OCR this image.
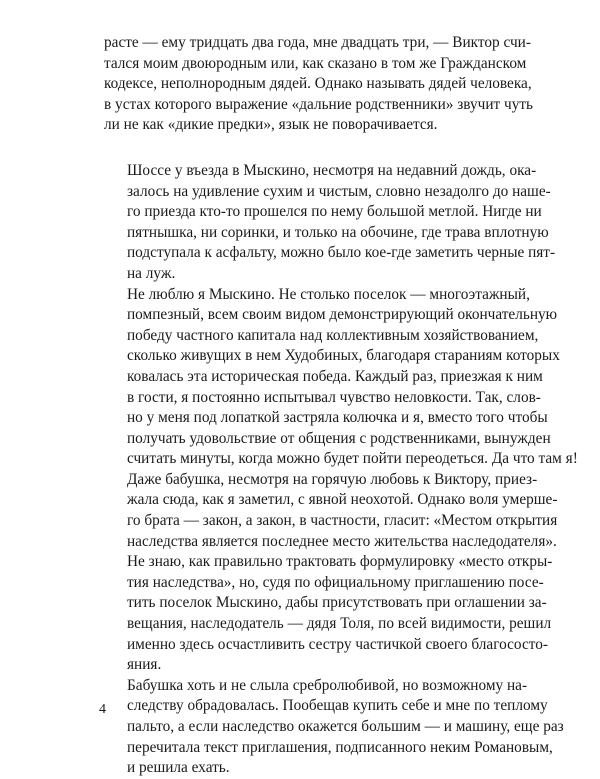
расте — ему тридцать два года, мне двадцать три, — Виктор счи-
тался моим двоюродным или, как сказано в том же Гражданском
кодексе, неполнородным дядей. Однако называть дядей человека,
в устах которого выражение «дальние родственники» звучит чуть
ли не как «дикие предки», язык не поворачивается.

Шоссе у въезда в Мыскино, несмотря на недавний дождь, ока-
залось на удивление сухим и чистым, словно незадолго до наше-
го приезда кто-то прошелся по нему большой метлой. Нигде ни
пятнышка, ни соринки, и только на обочине, где трава вплотную
подступала к асфальту, можно было кое-где заметить черные пят-
на луж.

Не люблю я Мыскино. Не столько поселок — многоэтажный,
помпезный, всем своим видом демонстрирующий окончательную
победу частного капитала над коллективным хозяйствованием,
сколько живущих в нем Худобиных, благодаря стараниям которых
ковалась эта историческая победа. Каждый раз, приезжая к ним
в гости, я постоянно испытывал чувство неловкости. Так, слов-
но у меня под лопаткой застряла колючка и я, вместо того чтобы
получать удовольствие от общения с родственниками, вынужден
считать минуты, когда можно будет пойти переодеться. Да что там я!
Даже бабушка, несмотря на горячую любовь к Виктору, приез-
жала сюда, как я заметил, с явной неохотой. Однако воля умерше-
го брата — закон, а закон, в частности, гласит: «Местом открытия
наследства является последнее место жительства наследодателя».
Не знаю, как правильно трактовать формулировку «место откры-
тия наследства», но, судя по официальному приглашению посе-
тить поселок Мыскино, дабы присутствовать при оглашении за-
вещания, наследодатель — дядя Толя, по всей видимости, решил
именно здесь осчастливить сестру частичкой своего благососто-
яния.

Бабушка хоть и не слыла сребролюбивой, но возможному на-
следству обрадовалась. Пообещав купить себе и мне по теплому
пальто, а если наследство окажется большим — и машину, еще раз
перечитала текст приглашения, подписанного неким Романовым,
и решила ехать.

4
